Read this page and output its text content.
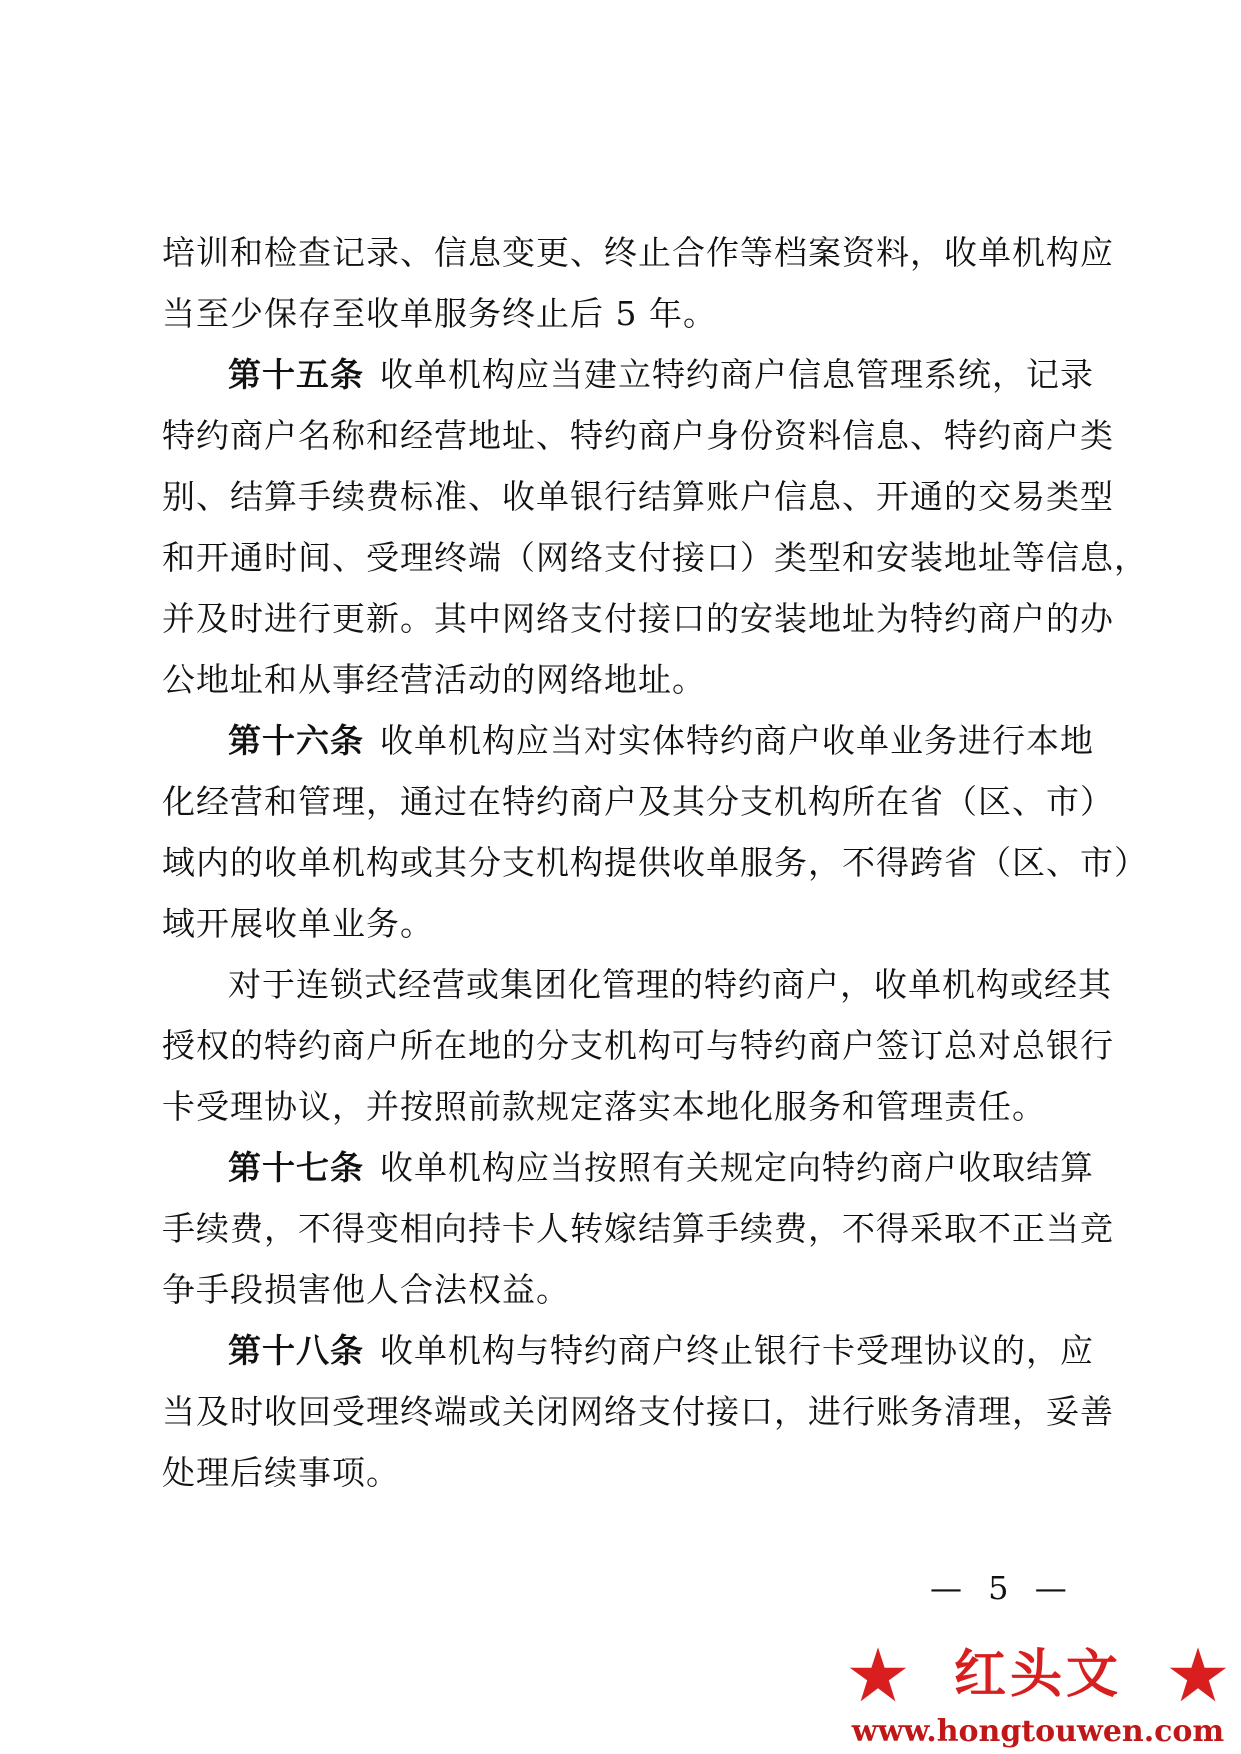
培训和检查记录、信息变更、终止合作等档案资料，收单机构应
当至少保存至收单服务终止后 5 年。
第十五条 收单机构应当建立特约商户信息管理系统，记录
特约商户名称和经营地址、特约商户身份资料信息、特约商户类
别、结算手续费标准、收单银行结算账户信息、开通的交易类型
和开通时间、受理终端（网络支付接口）类型和安装地址等信息，
并及时进行更新。其中网络支付接口的安装地址为特约商户的办
公地址和从事经营活动的网络地址。
第十六条 收单机构应当对实体特约商户收单业务进行本地
化经营和管理，通过在特约商户及其分支机构所在省（区、市）
域内的收单机构或其分支机构提供收单服务，不得跨省（区、市）
域开展收单业务。
对于连锁式经营或集团化管理的特约商户，收单机构或经其
授权的特约商户所在地的分支机构可与特约商户签订总对总银行
卡受理协议，并按照前款规定落实本地化服务和管理责任。
第十七条 收单机构应当按照有关规定向特约商户收取结算
手续费，不得变相向持卡人转嫁结算手续费，不得采取不正当竞
争手段损害他人合法权益。
第十八条 收单机构与特约商户终止银行卡受理协议的，应
当及时收回受理终端或关闭网络支付接口，进行账务清理，妥善
处理后续事项。
— 5 —
红头文
www.hongtouwen.com
